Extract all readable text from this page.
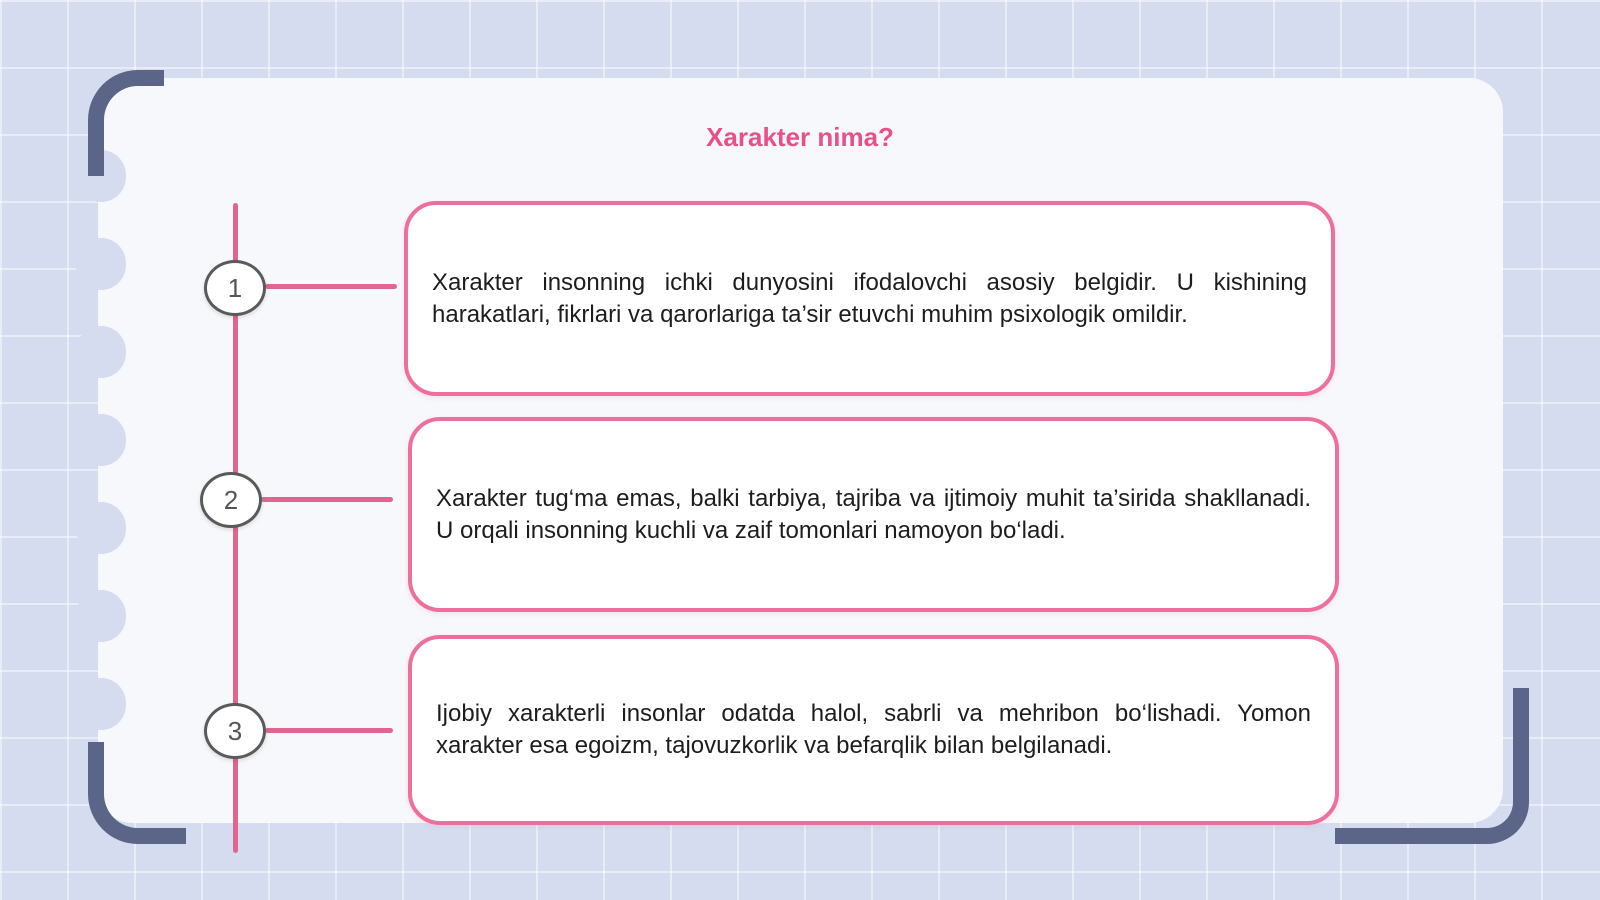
Xarakter nima?
1	Xarakter insonning ichki dunyosini ifodalovchi asosiy belgidir. U kishining harakatlari, fikrlari va qarorlariga ta’sir etuvchi muhim psixologik omildir.

2	Xarakter tug‘ma emas, balki tarbiya, tajriba va ijtimoiy muhit ta’sirida shakllanadi. U orqali insonning kuchli va zaif tomonlari namoyon bo‘ladi.

3

Ijobiy xarakterli insonlar odatda halol, sabrli va mehribon bo‘lishadi. Yomon xarakter esa egoizm, tajovuzkorlik va befarqlik bilan belgilanadi.
